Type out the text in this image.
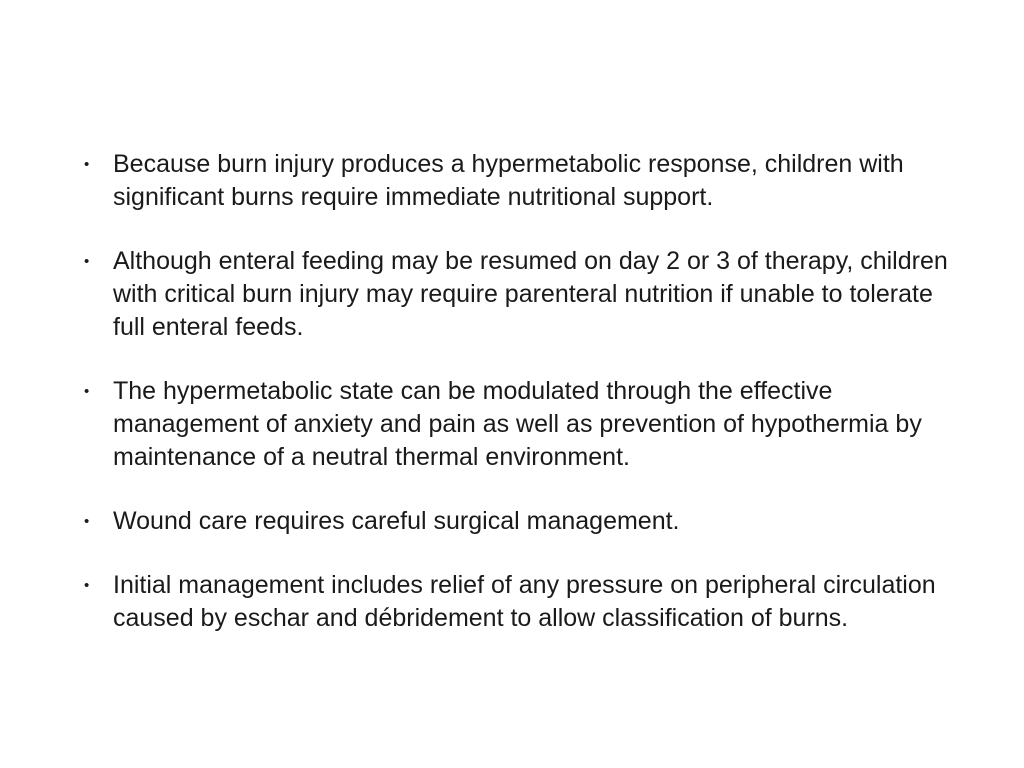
• Because burn injury produces a hypermetabolic response, children with significant burns require immediate nutritional support.
• Although enteral feeding may be resumed on day 2 or 3 of therapy, children with critical burn injury may require parenteral nutrition if unable to tolerate full enteral feeds.
• The hypermetabolic state can be modulated through the effective management of anxiety and pain as well as prevention of hypothermia by maintenance of a neutral thermal environment.
• Wound care requires careful surgical management.
• Initial management includes relief of any pressure on peripheral circulation caused by eschar and débridement to allow classification of burns.
